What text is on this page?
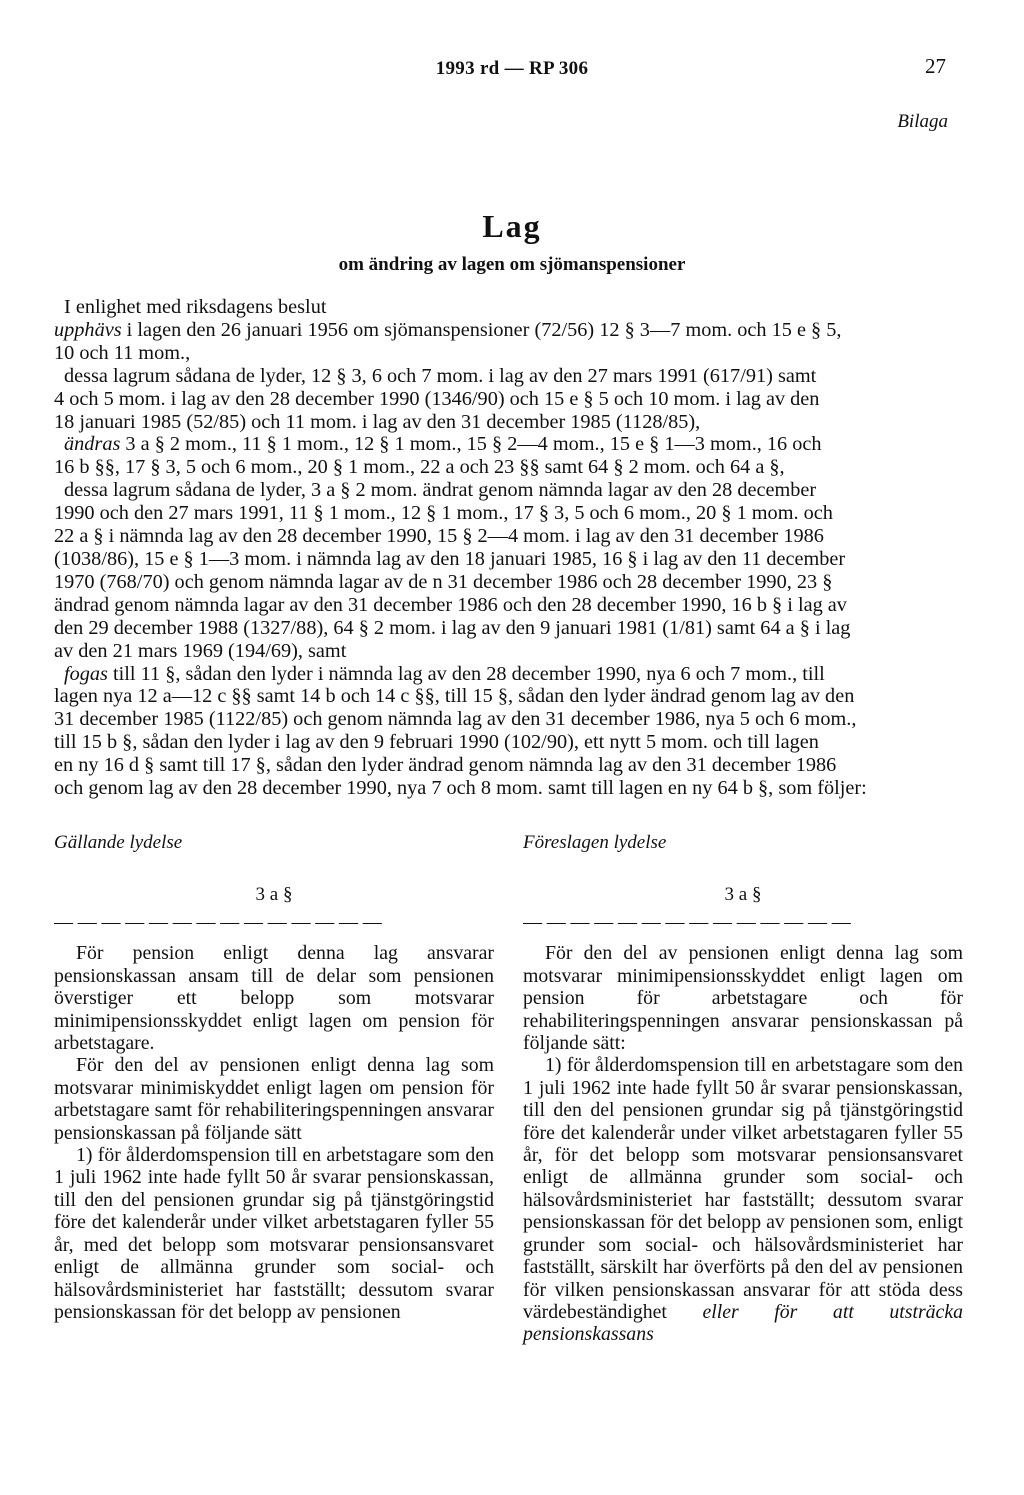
1993 rd — RP 306	27
Bilaga
Lag
om ändring av lagen om sjömanspensioner

I enlighet med riksdagens beslut

upphävs i lagen den 26 januari 1956 om sjömanspensioner (72/56) 12 § 3—7 mom. och 15 e § 5,

10 och 11 mom.,

dessa lagrum sådana de lyder, 12 § 3, 6 och 7 mom. i lag av den 27 mars 1991 (617/91) samt

4 och 5 mom. i lag av den 28 december 1990 (1346/90) och 15 e § 5 och 10 mom. i lag av den

18 januari 1985 (52/85) och 11 mom. i lag av den 31 december 1985 (1128/85),

ändras 3 a § 2 mom., 11 § 1 mom., 12 § 1 mom., 15 § 2—4 mom., 15 e § 1—3 mom., 16 och

16 b §§, 17 § 3, 5 och 6 mom., 20 § 1 mom., 22 a och 23 §§ samt 64 § 2 mom. och 64 a §,

dessa lagrum sådana de lyder, 3 a § 2 mom. ändrat genom nämnda lagar av den 28 december

1990 och den 27 mars 1991, 11 § 1 mom., 12 § 1 mom., 17 § 3, 5 och 6 mom., 20 § 1 mom. och

22 a § i nämnda lag av den 28 december 1990, 15 § 2—4 mom. i lag av den 31 december 1986

(1038/86), 15 e § 1—3 mom. i nämnda lag av den 18 januari 1985, 16 § i lag av den 11 december

1970 (768/70) och genom nämnda lagar av de n 31 december 1986 och 28 december 1990, 23 §

ändrad genom nämnda lagar av den 31 december 1986 och den 28 december 1990, 16 b § i lag av

den 29 december 1988 (1327/88), 64 § 2 mom. i lag av den 9 januari 1981 (1/81) samt 64 a § i lag

av den 21 mars 1969 (194/69), samt

fogas till 11 §, sådan den lyder i nämnda lag av den 28 december 1990, nya 6 och 7 mom., till

lagen nya 12 a—12 c §§ samt 14 b och 14 c §§, till 15 §, sådan den lyder ändrad genom lag av den

31 december 1985 (1122/85) och genom nämnda lag av den 31 december 1986, nya 5 och 6 mom.,

till 15 b §, sådan den lyder i lag av den 9 februari 1990 (102/90), ett nytt 5 mom. och till lagen

en ny 16 d § samt till 17 §, sådan den lyder ändrad genom nämnda lag av den 31 december 1986

och genom lag av den 28 december 1990, nya 7 och 8 mom. samt till lagen en ny 64 b §, som följer:

Gällande lydelse

3 a §

— — — — — — — — — — — — — —

För pension enligt denna lag ansvarar pensionskassan ansam till de delar som pensionen överstiger ett belopp som motsvarar minimipensionsskyddet enligt lagen om pension för arbetstagare.

För den del av pensionen enligt denna lag som motsvarar minimiskyddet enligt lagen om pension för arbetstagare samt för rehabiliteringspenningen ansvarar pensionskassan på följande sätt

1) för ålderdomspension till en arbetstagare som den 1 juli 1962 inte hade fyllt 50 år svarar pensionskassan, till den del pensionen grundar sig på tjänstgöringstid före det kalenderår under vilket arbetstagaren fyller 55 år, med det belopp som motsvarar pensionsansvaret enligt de allmänna grunder som social- och hälsovårdsministeriet har fastställt; dessutom svarar pensionskassan för det belopp av pensionen

Föreslagen lydelse

3 a §

— — — — — — — — — — — — — —

För den del av pensionen enligt denna lag som motsvarar minimipensionsskyddet enligt lagen om pension för arbetstagare och för rehabiliteringspenningen ansvarar pensionskassan på följande sätt:

1) för ålderdomspension till en arbetstagare som den 1 juli 1962 inte hade fyllt 50 år svarar pensionskassan, till den del pensionen grundar sig på tjänstgöringstid före det kalenderår under vilket arbetstagaren fyller 55 år, för det belopp som motsvarar pensionsansvaret enligt de allmänna grunder som social- och hälsovårdsministeriet har fastställt; dessutom svarar pensionskassan för det belopp av pensionen som, enligt grunder som social- och hälsovårdsministeriet har fastställt, särskilt har överförts på den del av pensionen för vilken pensionskassan ansvarar för att stöda dess värdebeständighet eller för att utsträcka pensionskassans
